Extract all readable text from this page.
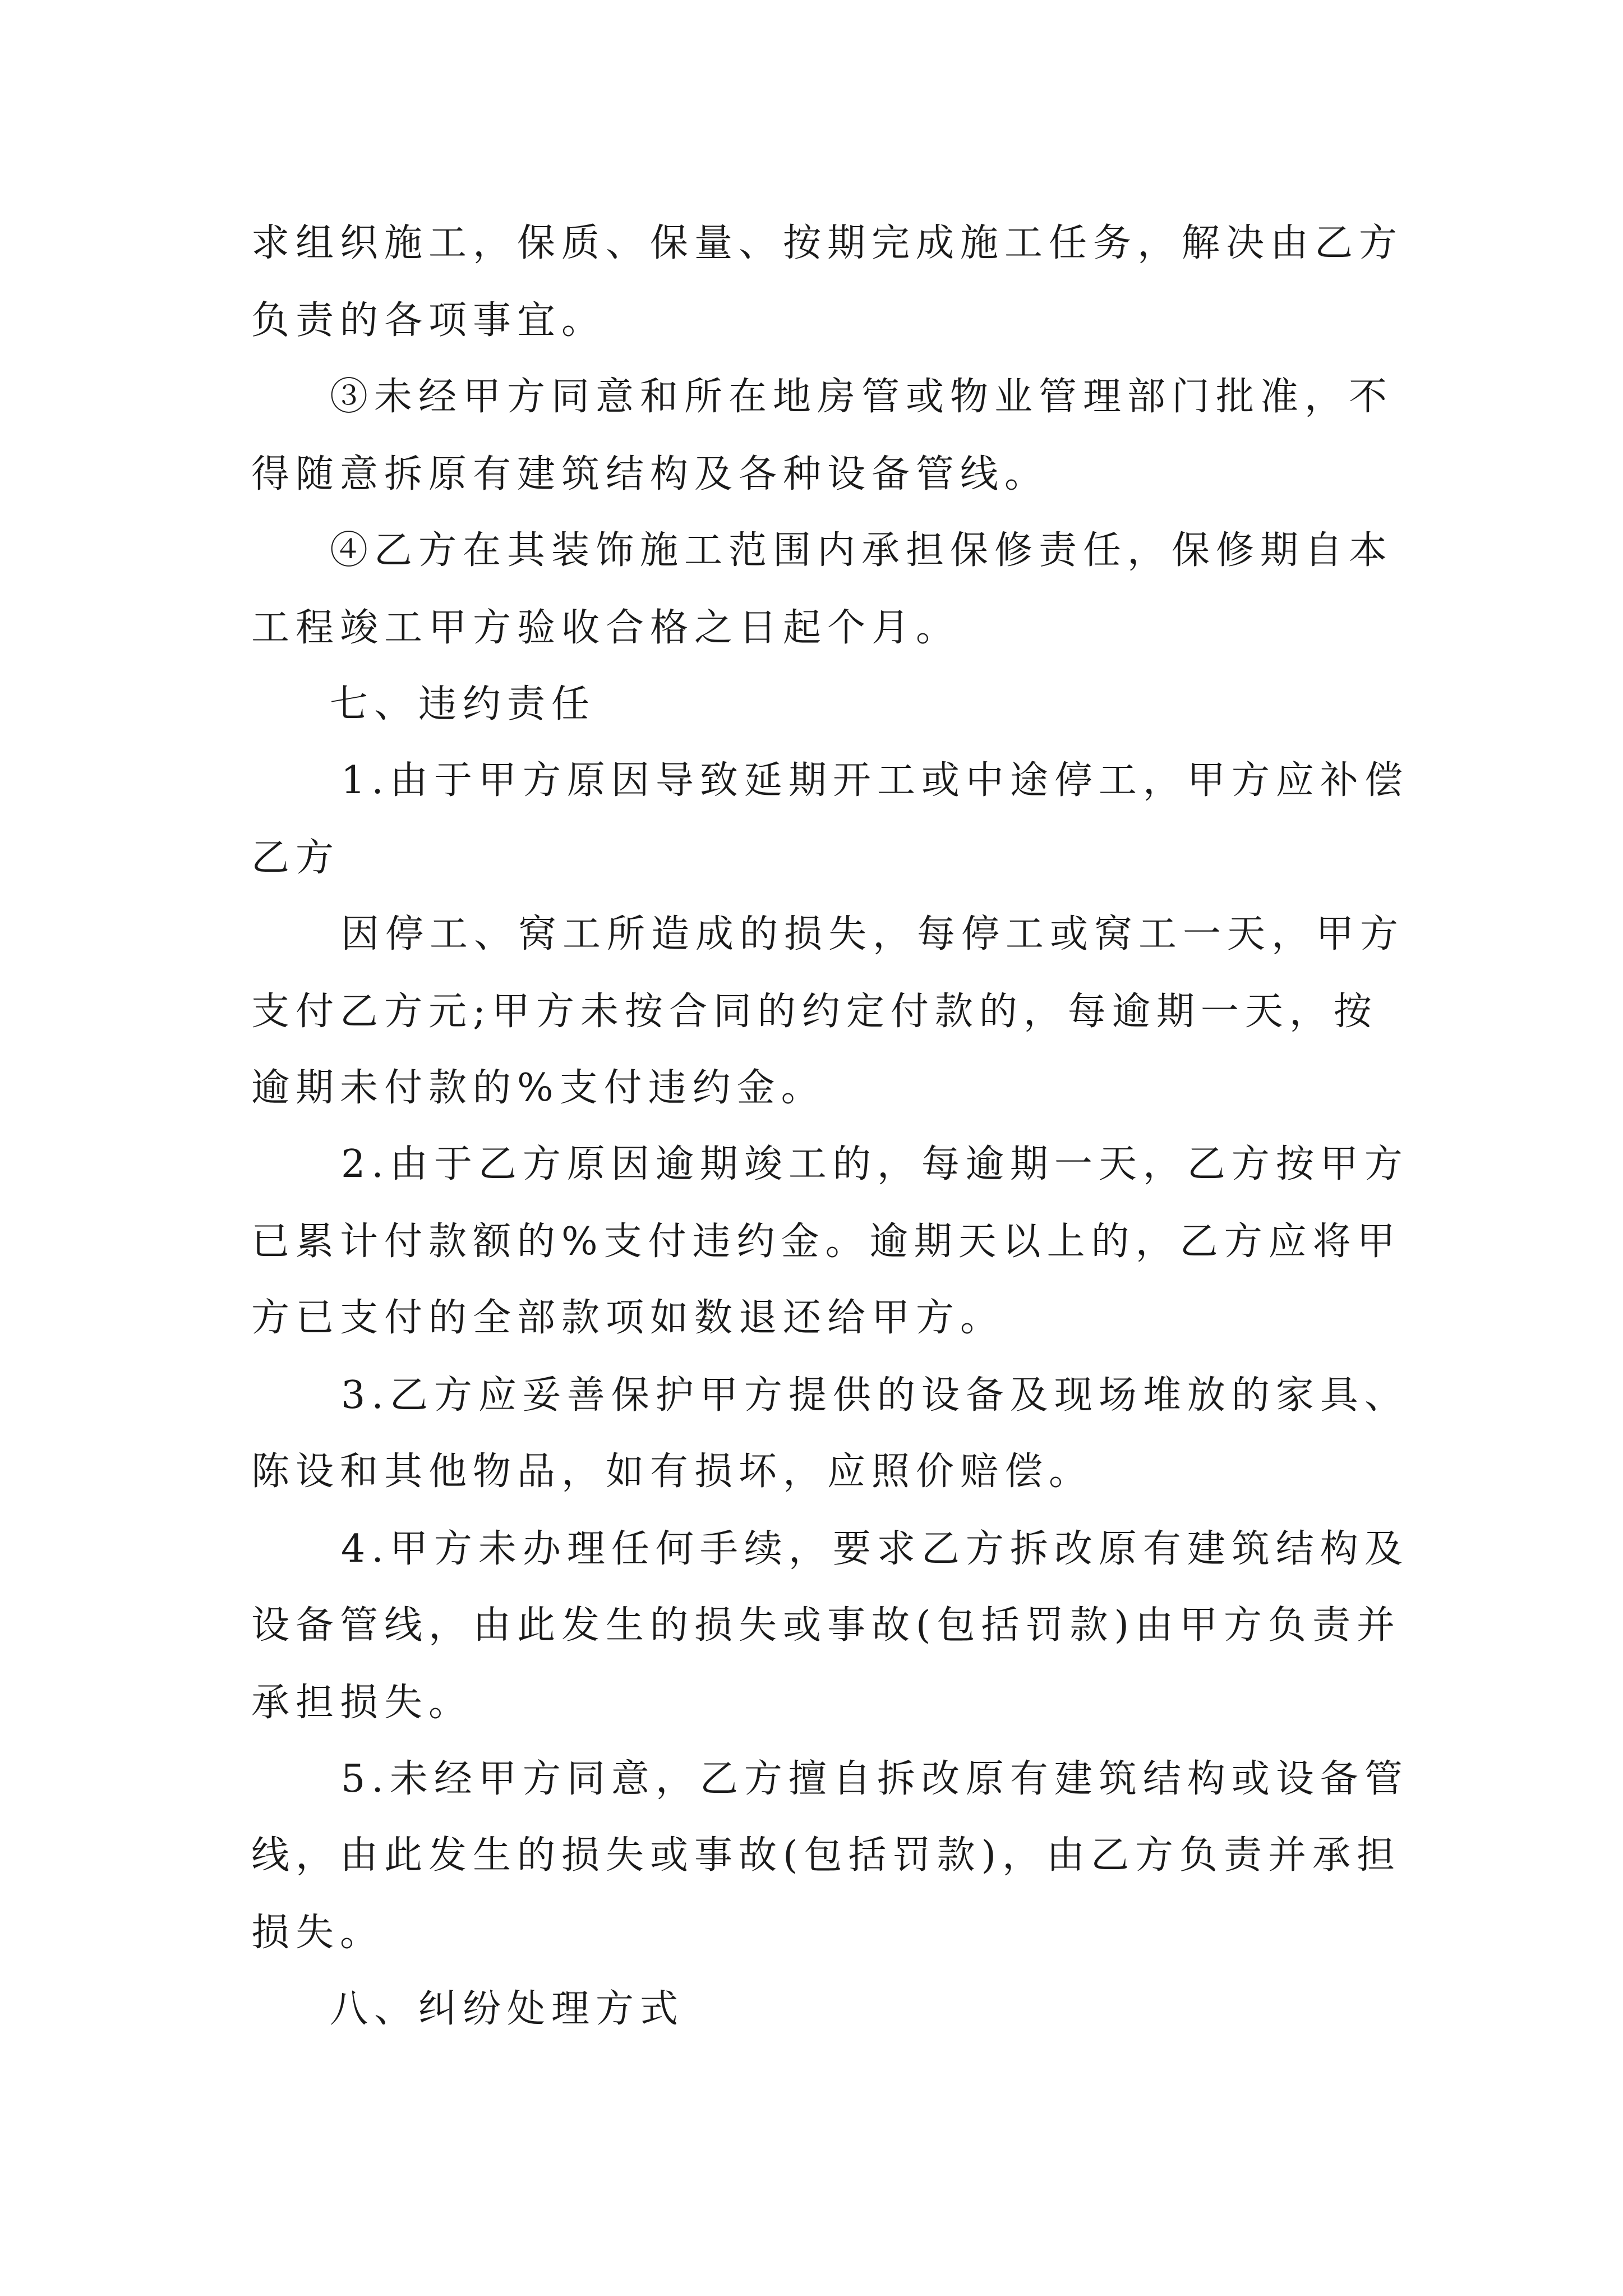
求组织施工，保质、保量、按期完成施工任务，解决由乙方
负责的各项事宜。
③未经甲方同意和所在地房管或物业管理部门批准，不
得随意拆原有建筑结构及各种设备管线。
④乙方在其装饰施工范围内承担保修责任，保修期自本
工程竣工甲方验收合格之日起个月。
七、违约责任
1.由于甲方原因导致延期开工或中途停工，甲方应补偿
乙方
因停工、窝工所造成的损失，每停工或窝工一天，甲方
支付乙方元;甲方未按合同的约定付款的，每逾期一天，按
逾期未付款的%支付违约金。
2.由于乙方原因逾期竣工的，每逾期一天，乙方按甲方
已累计付款额的%支付违约金。逾期天以上的，乙方应将甲
方已支付的全部款项如数退还给甲方。
3.乙方应妥善保护甲方提供的设备及现场堆放的家具、
陈设和其他物品，如有损坏，应照价赔偿。
4.甲方未办理任何手续，要求乙方拆改原有建筑结构及
设备管线，由此发生的损失或事故(包括罚款)由甲方负责并
承担损失。
5.未经甲方同意，乙方擅自拆改原有建筑结构或设备管
线，由此发生的损失或事故(包括罚款)，由乙方负责并承担
损失。
八、纠纷处理方式
